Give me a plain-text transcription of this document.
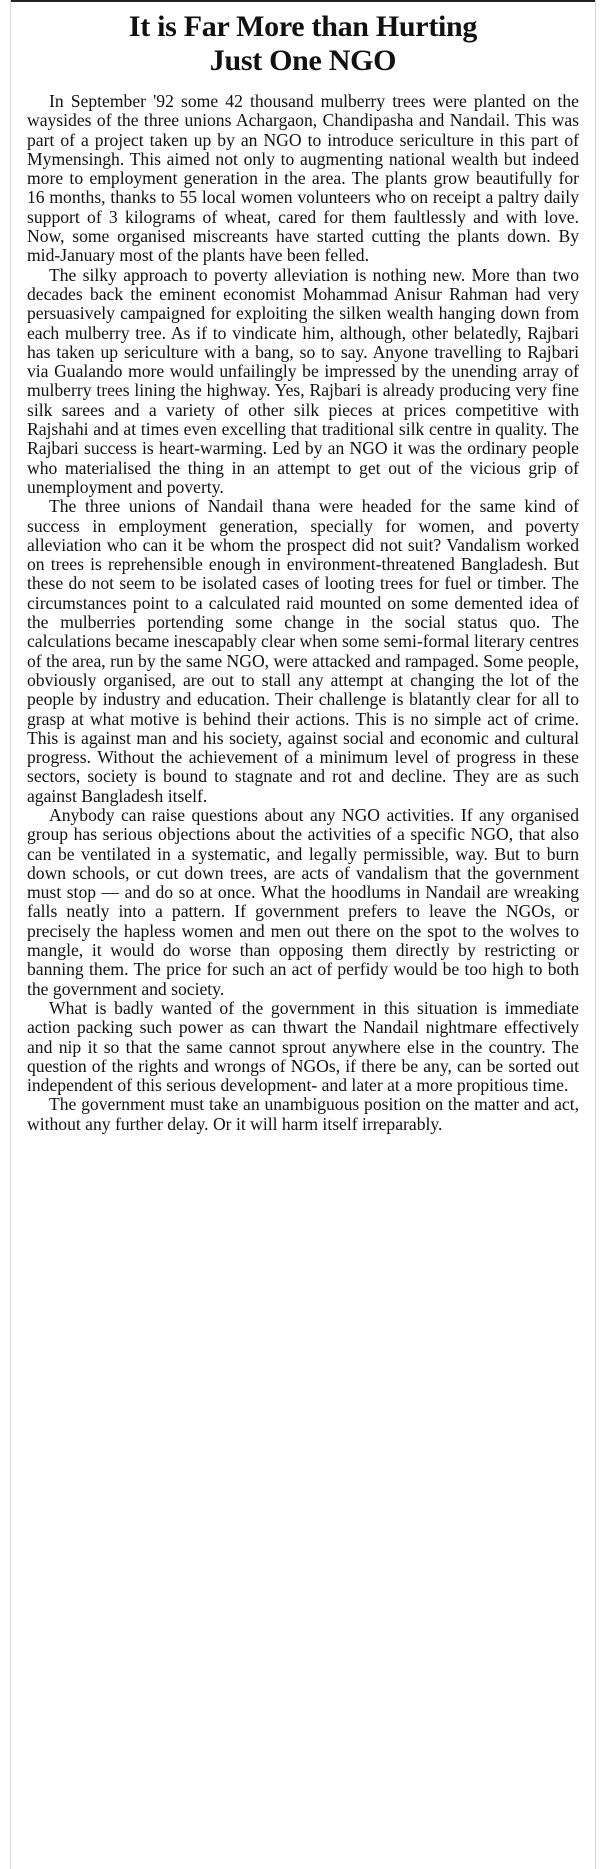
It is Far More than Hurting
Just One NGO

In September '92 some 42 thousand mulberry trees were planted on the waysides of the three unions Achargaon, Chandipasha and Nandail. This was part of a project taken up by an NGO to introduce sericulture in this part of Mymensingh. This aimed not only to augmenting national wealth but indeed more to employment generation in the area. The plants grow beautifully for 16 months, thanks to 55 local women volunteers who on receipt a paltry daily support of 3 kilograms of wheat, cared for them faultlessly and with love. Now, some organised miscreants have started cutting the plants down. By mid-January most of the plants have been felled.

The silky approach to poverty alleviation is nothing new. More than two decades back the eminent economist Mohammad Anisur Rahman had very persuasively campaigned for exploiting the silken wealth hanging down from each mulberry tree. As if to vindicate him, although, other belatedly, Rajbari has taken up sericulture with a bang, so to say. Anyone travelling to Rajbari via Gualando more would unfailingly be impressed by the unending array of mulberry trees lining the highway. Yes, Rajbari is already producing very fine silk sarees and a variety of other silk pieces at prices competitive with Rajshahi and at times even excelling that traditional silk centre in quality. The Rajbari success is heart-warming. Led by an NGO it was the ordinary people who materialised the thing in an attempt to get out of the vicious grip of unemployment and poverty.

The three unions of Nandail thana were headed for the same kind of success in employment generation, specially for women, and poverty alleviation who can it be whom the prospect did not suit? Vandalism worked on trees is reprehensible enough in environment-threatened Bangladesh. But these do not seem to be isolated cases of looting trees for fuel or timber. The circumstances point to a calculated raid mounted on some demented idea of the mulberries portending some change in the social status quo. The calculations became inescapably clear when some semi-formal literary centres of the area, run by the same NGO, were attacked and rampaged. Some people, obviously organised, are out to stall any attempt at changing the lot of the people by industry and education. Their challenge is blatantly clear for all to grasp at what motive is behind their actions. This is no simple act of crime. This is against man and his society, against social and economic and cultural progress. Without the achievement of a minimum level of progress in these sectors, society is bound to stagnate and rot and decline. They are as such against Bangladesh itself.

Anybody can raise questions about any NGO activities. If any organised group has serious objections about the activities of a specific NGO, that also can be ventilated in a systematic, and legally permissible, way. But to burn down schools, or cut down trees, are acts of vandalism that the government must stop — and do so at once. What the hoodlums in Nandail are wreaking falls neatly into a pattern. If government prefers to leave the NGOs, or precisely the hapless women and men out there on the spot to the wolves to mangle, it would do worse than opposing them directly by restricting or banning them. The price for such an act of perfidy would be too high to both the government and society.

What is badly wanted of the government in this situation is immediate action packing such power as can thwart the Nandail nightmare effectively and nip it so that the same cannot sprout anywhere else in the country. The question of the rights and wrongs of NGOs, if there be any, can be sorted out independent of this serious development- and later at a more propitious time.

The government must take an unambiguous position on the matter and act, without any further delay. Or it will harm itself irreparably.
